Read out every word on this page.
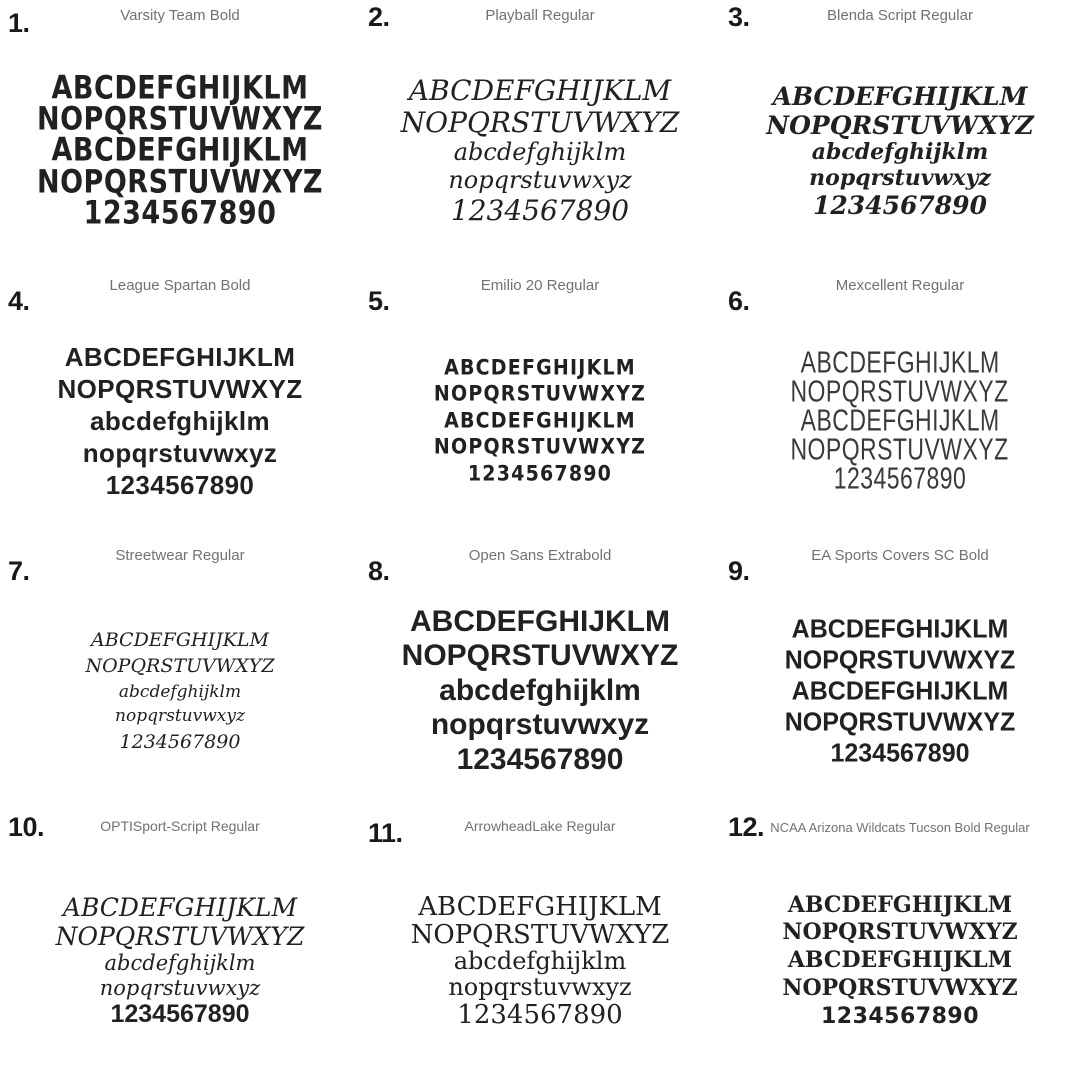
1.	Varsity Team Bold
ABCDEFGHIJKLM
NOPQRSTUVWXYZ
ABCDEFGHIJKLM
NOPQRSTUVWXYZ
1234567890
2.	Playball Regular
ABCDEFGHIJKLM
NOPQRSTUVWXYZ
abcdefghijklm
nopqrstuvwxyz
1234567890
3.	Blenda Script Regular
ABCDEFGHIJKLM
NOPQRSTUVWXYZ
abcdefghijklm
nopqrstuvwxyz
1234567890
4.
League Spartan Bold
ABCDEFGHIJKLM
NOPQRSTUVWXYZ
abcdefghijklm
nopqrstuvwxyz
1234567890
5.
Emilio 20 Regular
ABCDEFGHIJKLM
NOPQRSTUVWXYZ
ABCDEFGHIJKLM
NOPQRSTUVWXYZ
1234567890
6.
Mexcellent Regular
ABCDEFGHIJKLM
NOPQRSTUVWXYZ
ABCDEFGHIJKLM
NOPQRSTUVWXYZ
1234567890
7.
Streetwear Regular
ABCDEFGHIJKLM
NOPQRSTUVWXYZ
abcdefghijklm
nopqrstuvwxyz
1234567890
8.
Open Sans Extrabold
ABCDEFGHIJKLM
NOPQRSTUVWXYZ
abcdefghijklm
nopqrstuvwxyz
1234567890
9.
EA Sports Covers SC Bold
ABCDEFGHIJKLM
NOPQRSTUVWXYZ
ABCDEFGHIJKLM
NOPQRSTUVWXYZ
1234567890
10.	OPTISport-Script Regular
ABCDEFGHIJKLM
NOPQRSTUVWXYZ
abcdefghijklm
nopqrstuvwxyz
1234567890
11.	ArrowheadLake Regular
ABCDEFGHIJKLM
NOPQRSTUVWXYZ
abcdefghijklm
nopqrstuvwxyz
1234567890
12. NCAA Arizona Wildcats Tucson Bold Regular
ABCDEFGHIJKLM
NOPQRSTUVWXYZ
ABCDEFGHIJKLM
NOPQRSTUVWXYZ
1234567890
